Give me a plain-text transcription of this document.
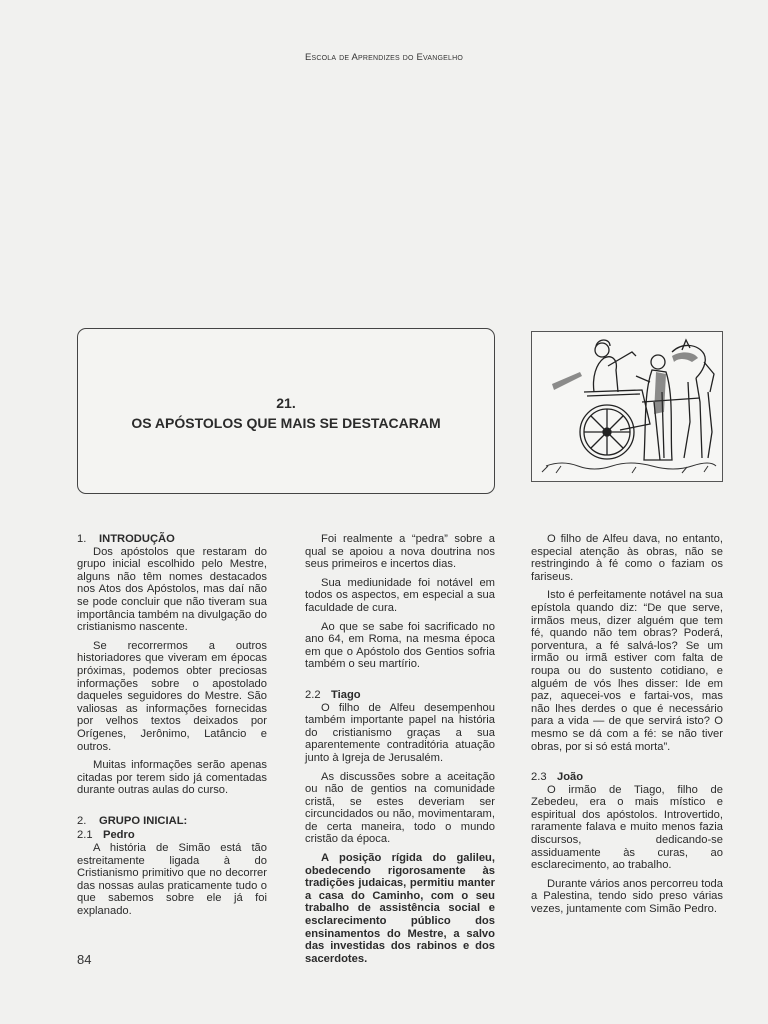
Escola de Aprendizes do Evangelho
21.
OS APÓSTOLOS QUE MAIS SE DESTACARAM
1. INTRODUÇÃO

Dos apóstolos que restaram do grupo inicial escolhido pelo Mestre, alguns não têm nomes destacados nos Atos dos Apóstolos, mas daí não se pode concluir que não tiveram sua importância também na divulgação do cristianismo nascente.

Se recorrermos a outros historiadores que viveram em épocas próximas, podemos obter preciosas informações sobre o apostolado daqueles seguidores do Mestre. São valiosas as informações fornecidas por velhos textos deixados por Orígenes, Jerônimo, Latâncio e outros.

Muitas informações serão apenas citadas por terem sido já comentadas durante outras aulas do curso.

2. GRUPO INICIAL:
2.1 Pedro

A história de Simão está tão estreitamente ligada à do Cristianismo primitivo que no decorrer das nossas aulas praticamente tudo o que sabemos sobre ele já foi explanado.

Foi realmente a “pedra” sobre a qual se apoiou a nova doutrina nos seus primeiros e incertos dias.

Sua mediunidade foi notável em todos os aspectos, em especial a sua faculdade de cura.

Ao que se sabe foi sacrificado no ano 64, em Roma, na mesma época em que o Apóstolo dos Gentios sofria também o seu martírio.

2.2 Tiago

O filho de Alfeu desempenhou também importante papel na história do cristianismo graças a sua aparentemente contraditória atuação junto à Igreja de Jerusalém.

As discussões sobre a aceitação ou não de gentios na comunidade cristã, se estes deveriam ser circuncidados ou não, movimentaram, de certa maneira, todo o mundo cristão da época.

A posição rígida do galileu, obedecendo rigorosamente às tradições judaicas, permitiu manter a casa do Caminho, com o seu trabalho de assistência social e esclarecimento público dos ensinamentos do Mestre, a salvo das investidas dos rabinos e dos sacerdotes.

O filho de Alfeu dava, no entanto, especial atenção às obras, não se restringindo à fé como o faziam os fariseus.

Isto é perfeitamente notável na sua epístola quando diz: “De que serve, irmãos meus, dizer alguém que tem fé, quando não tem obras? Poderá, porventura, a fé salvá-los? Se um irmão ou irmã estiver com falta de roupa ou do sustento cotidiano, e alguém de vós lhes disser: Ide em paz, aquecei-vos e fartai-vos, mas não lhes derdes o que é necessário para a vida — de que servirá isto? O mesmo se dá com a fé: se não tiver obras, por si só está morta”.

2.3 João

O irmão de Tiago, filho de Zebedeu, era o mais místico e espiritual dos apóstolos. Introvertido, raramente falava e muito menos fazia discursos, dedicando-se assiduamente às curas, ao esclarecimento, ao trabalho.

Durante vários anos percorreu toda a Palestina, tendo sido preso várias vezes, juntamente com Simão Pedro.

84
